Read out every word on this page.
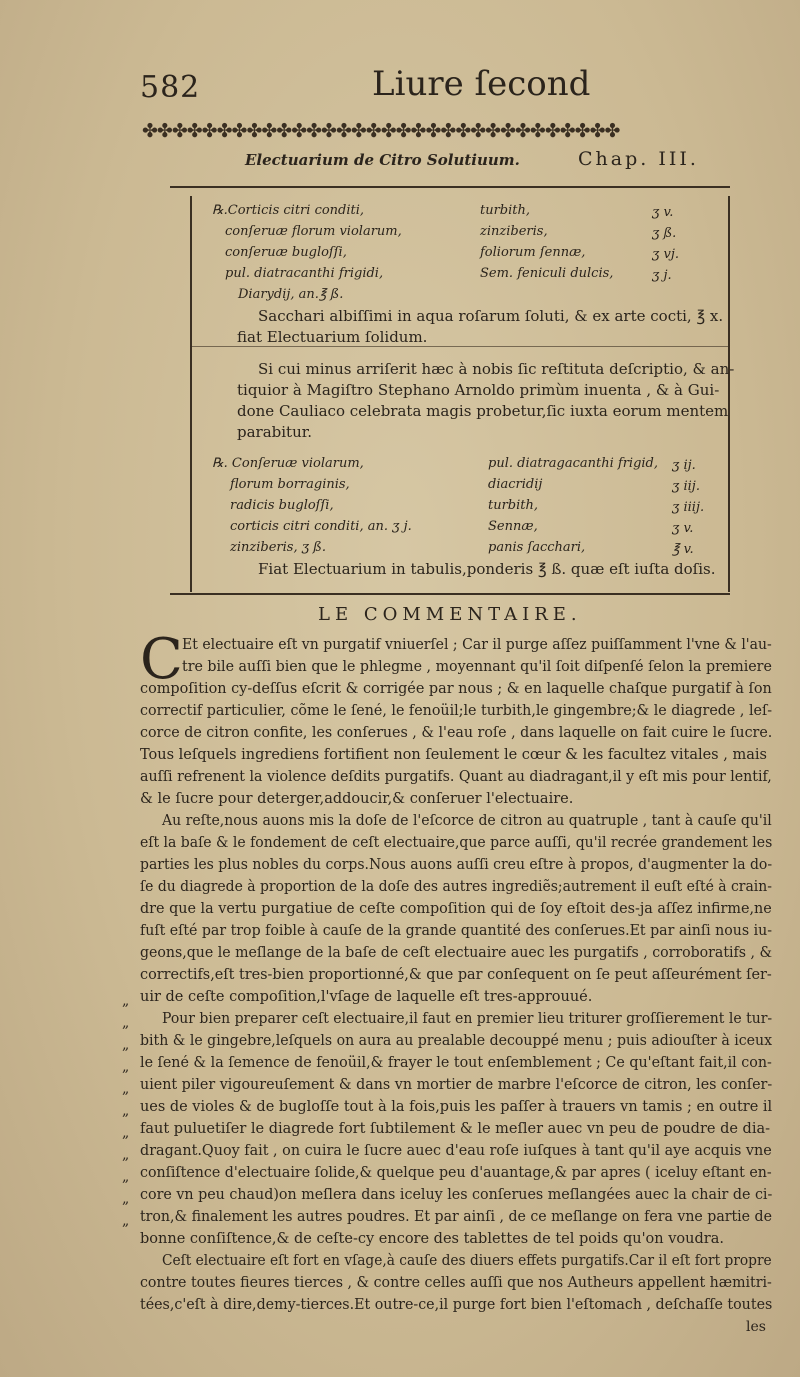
582	Liure ſecond
✤✤✤✤✤✤✤✤✤✤✤✤✤✤✤✤✤✤✤✤✤✤✤✤✤✤✤✤✤✤✤✤
Electuarium de Citro Solutiuum.	Chap. III.
℞.Corticis citri conditi,
conſeruæ florum violarum,
conſeruæ bugloſſi,
pul. diatracanthi frigidi,
Diarydij, an.℥ ß.
turbith,
zinziberis,
foliorum ſennæ,
Sem. feniculi dulcis,
ʒ v.
ʒ ß.
ʒ vj.
ʒ j.
Sacchari albiſſimi in aqua roſarum ſoluti, & ex arte cocti, ℥ x.
fiat Electuarium ſolidum.
Si cui minus arriſerit hæc à nobis ſic reſtituta deſcriptio, & an-
tiquior à Magiſtro Stephano Arnoldo primùm inuenta , & à Gui-
done Cauliaco celebrata magis probetur,ſic iuxta eorum mentem
parabitur.
℞. Conſeruæ violarum,
florum borraginis,
radicis bugloſſi,
corticis citri conditi, an. ʒ j.
zinziberis, ʒ ß.
pul. diatragacanthi frigid,
diacridij
turbith,
Sennæ,
panis ſacchari,
ʒ ij.
ʒ iij.
ʒ iiij.
ʒ v.
℥ v.
Fiat Electuarium in tabulis,ponderis ℥ ß. quæ eſt iuſta doſis.
LE COMMENTAIRE.
C Et electuaire eſt vn purgatif vniuerſel ; Car il purge aſſez puiſſamment l'vne & l'au-
tre bile auſſi bien que le phlegme , moyennant qu'il ſoit diſpenſé ſelon la premiere
compoſition cy-deſſus eſcrit & corrigée par nous ; & en laquelle chaſque purgatif à ſon
correctif particulier, cõme le ſené, le fenoüil;le turbith,le gingembre;& le diagrede , leſ-
corce de citron confite, les conſerues , & l'eau roſe , dans laquelle on fait cuire le ſucre.
Tous leſquels ingrediens fortifient non ſeulement le cœur & les facultez vitales , mais
auſſi refrenent la violence deſdits purgatifs. Quant au diadragant,il y eſt mis pour lentif,
& le ſucre pour deterger,addoucir,& conſeruer l'electuaire.
Au reſte,nous auons mis la doſe de l'eſcorce de citron au quatruple , tant à cauſe qu'il
eſt la baſe & le fondement de ceſt electuaire,que parce auſſi, qu'il recrée grandement les
parties les plus nobles du corps.Nous auons auſſi creu eſtre à propos, d'augmenter la do-
ſe du diagrede à proportion de la doſe des autres ingrediẽs;autrement il euſt eſté à crain-
dre que la vertu purgatiue de ceſte compoſition qui de ſoy eſtoit des-ja aſſez infirme,ne
fuſt eſté par trop foible à cauſe de la grande quantité des conſerues.Et par ainſi nous iu-
geons,que le meſlange de la baſe de ceſt electuaire auec les purgatifs , corroboratifs , &
correctifs,eſt tres-bien proportionné,& que par conſequent on ſe peut aſſeurément ſer-
uir de ceſte compoſition,l'vſage de laquelle eſt tres-approuué.
„
„
„
„
„
„
„
„
„
„
„
Pour bien preparer ceſt electuaire,il faut en premier lieu triturer groſſierement le tur-
bith & le gingebre,leſquels on aura au prealable decouppé menu ; puis adiouſter à iceux
le ſené & la ſemence de fenoüil,& frayer le tout enſemblement ; Ce qu'eſtant fait,il con-
uient piler vigoureuſement & dans vn mortier de marbre l'eſcorce de citron, les conſer-
ues de violes & de bugloſſe tout à la fois,puis les paſſer à trauers vn tamis ; en outre il
faut puluetiſer le diagrede fort ſubtilement & le meſler auec vn peu de poudre de dia-
dragant.Quoy fait , on cuira le ſucre auec d'eau roſe iuſques à tant qu'il aye acquis vne
conſiſtence d'electuaire ſolide,& quelque peu d'auantage,& par apres ( iceluy eſtant en-
core vn peu chaud)on meſlera dans iceluy les conſerues meſlangées auec la chair de ci-
tron,& finalement les autres poudres. Et par ainſi , de ce meſlange on fera vne partie de
bonne conſiſtence,& de ceſte-cy encore des tablettes de tel poids qu'on voudra.
Ceſt electuaire eſt fort en vſage,à cauſe des diuers effets purgatifs.Car il eſt fort propre
contre toutes fieures tierces , & contre celles auſſi que nos Autheurs appellent hæmitri-
tées,c'eſt à dire,demy-tierces.Et outre-ce,il purge fort bien l'eſtomach , deſchaſſe toutes
les
